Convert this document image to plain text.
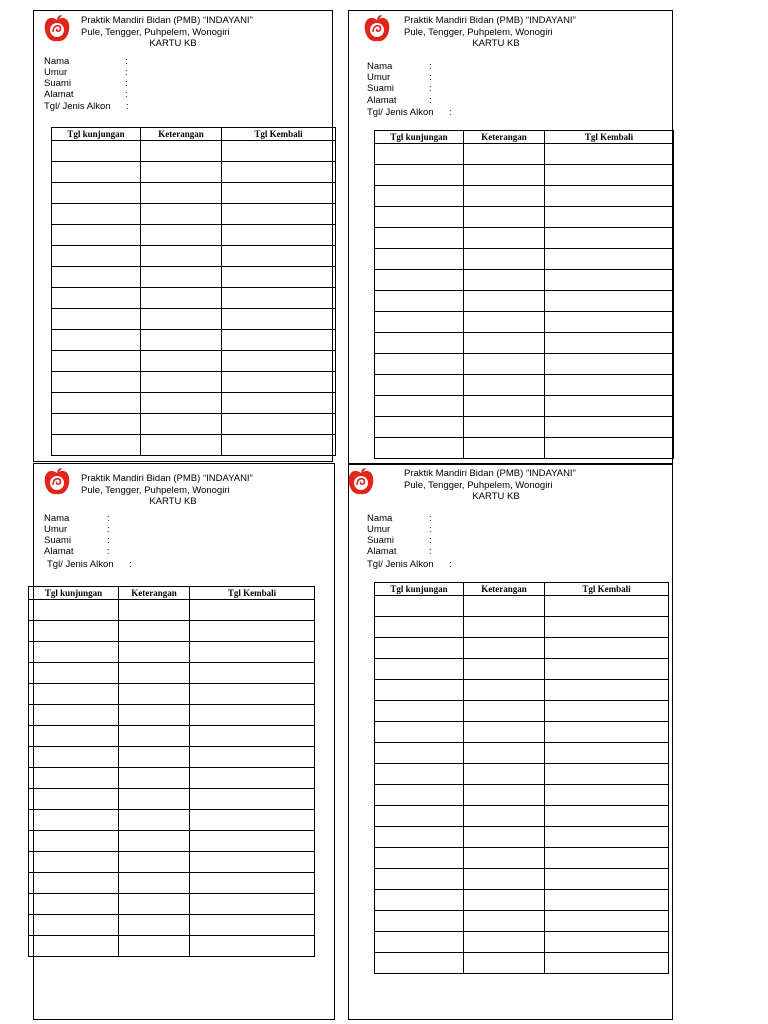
Praktik Mandiri Bidan (PMB) “INDAYANI”
Pule, Tengger, Puhpelem, Wonogiri
KARTU KB
Nama	:
Umur	:
Suami	:
Alamat	:
Tgl/ Jenis Alkon :
Tgl kunjungan	Keterangan	Tgl Kembali

Praktik Mandiri Bidan (PMB) “INDAYANI”
Pule, Tengger, Puhpelem, Wonogiri
KARTU KB
Nama	:
Umur	:
Suami	:
Alamat	:
Tgl/ Jenis Alkon :
Tgl kunjungan	Keterangan	Tgl Kembali

Praktik Mandiri Bidan (PMB) “INDAYANI”
Pule, Tengger, Puhpelem, Wonogiri
KARTU KB
Nama	:
Umur	:
Suami	:
Alamat	:
Tgl/ Jenis Alkon :
Tgl kunjungan	Keterangan	Tgl Kembali

Praktik Mandiri Bidan (PMB) “INDAYANI”
Pule, Tengger, Puhpelem, Wonogiri
KARTU KB
Nama	:
Umur	:
Suami	:
Alamat	:
Tgl/ Jenis Alkon :
Tgl kunjungan	Keterangan	Tgl Kembali
